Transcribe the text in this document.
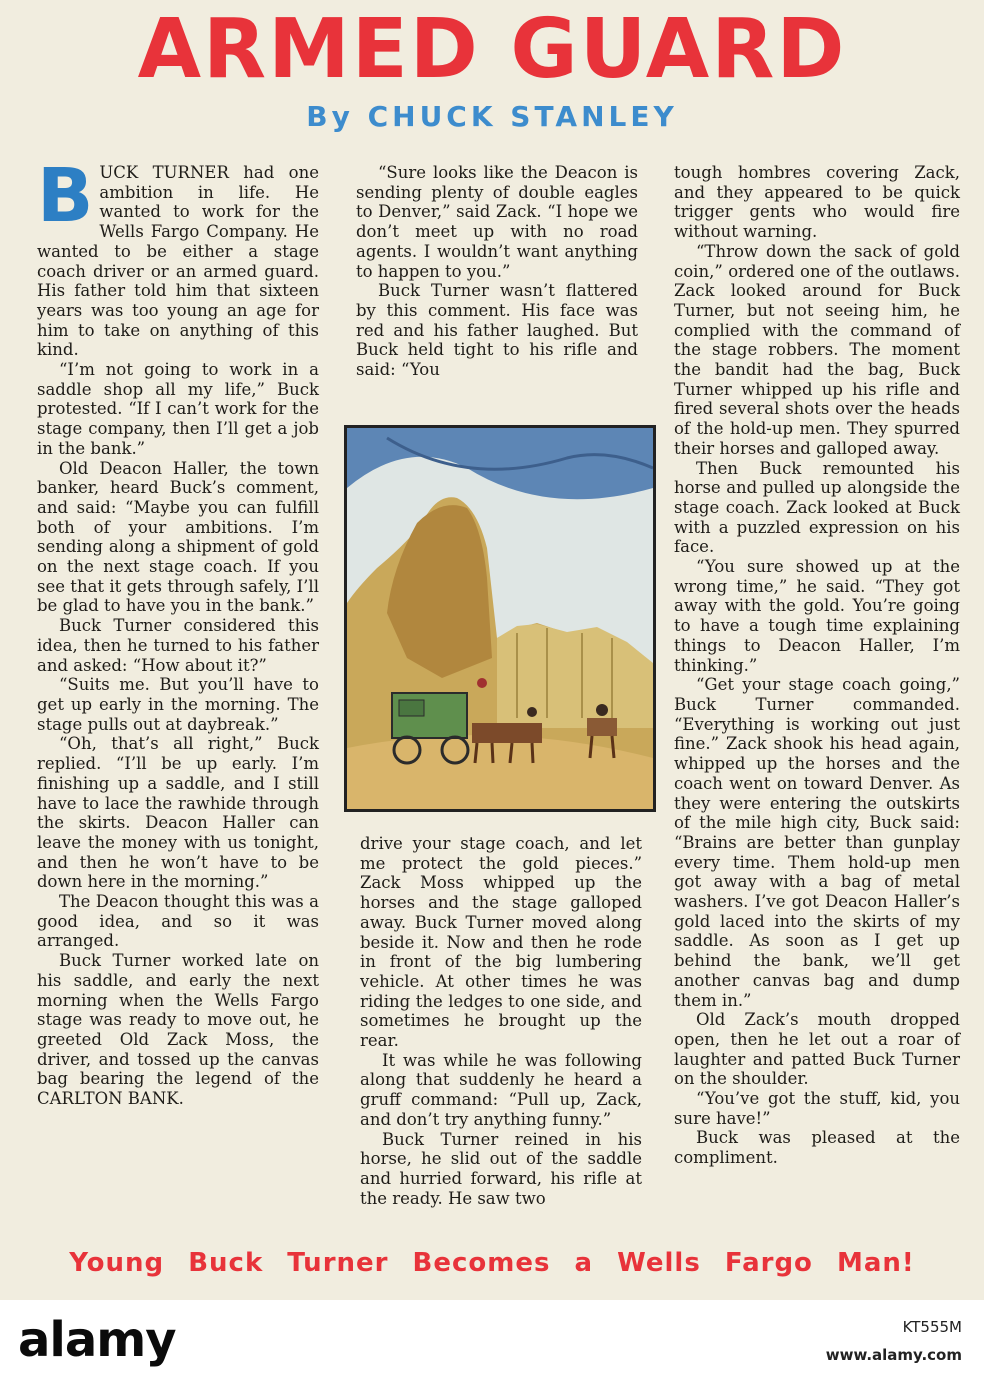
ARMED GUARD
By CHUCK STANLEY

BUCK TURNER had one ambition in life. He wanted to work for the Wells Fargo Company. He wanted to be either a stage coach driver or an armed guard. His father told him that sixteen years was too young an age for him to take on anything of this kind.

“I’m not going to work in a saddle shop all my life,” Buck protested. “If I can’t work for the stage company, then I’ll get a job in the bank.”

Old Deacon Haller, the town banker, heard Buck’s comment, and said: “Maybe you can fulfill both of your ambitions. I’m sending along a shipment of gold on the next stage coach. If you see that it gets through safely, I’ll be glad to have you in the bank.”

Buck Turner considered this idea, then he turned to his father and asked: “How about it?”

“Suits me. But you’ll have to get up early in the morning. The stage pulls out at daybreak.”

“Oh, that’s all right,” Buck replied. “I’ll be up early. I’m finishing up a saddle, and I still have to lace the rawhide through the skirts. Deacon Haller can leave the money with us tonight, and then he won’t have to be down here in the morning.”

The Deacon thought this was a good idea, and so it was arranged.

Buck Turner worked late on his saddle, and early the next morning when the Wells Fargo stage was ready to move out, he greeted Old Zack Moss, the driver, and tossed up the canvas bag bearing the legend of the CARLTON BANK.

“Sure looks like the Deacon is sending plenty of double eagles to Denver,” said Zack. “I hope we don’t meet up with no road agents. I wouldn’t want anything to happen to you.”

Buck Turner wasn’t flattered by this comment. His face was red and his father laughed. But Buck held tight to his rifle and said: “You

drive your stage coach, and let me protect the gold pieces.” Zack Moss whipped up the horses and the stage galloped away. Buck Turner moved along beside it. Now and then he rode in front of the big lumbering vehicle. At other times he was riding the ledges to one side, and sometimes he brought up the rear.

It was while he was following along that suddenly he heard a gruff command: “Pull up, Zack, and don’t try anything funny.”

Buck Turner reined in his horse, he slid out of the saddle and hurried forward, his rifle at the ready. He saw two

tough hombres covering Zack, and they appeared to be quick trigger gents who would fire without warning.

“Throw down the sack of gold coin,” ordered one of the outlaws. Zack looked around for Buck Turner, but not seeing him, he complied with the command of the stage robbers. The moment the bandit had the bag, Buck Turner whipped up his rifle and fired several shots over the heads of the hold-up men. They spurred their horses and galloped away.

Then Buck remounted his horse and pulled up alongside the stage coach. Zack looked at Buck with a puzzled expression on his face.

“You sure showed up at the wrong time,” he said. “They got away with the gold. You’re going to have a tough time explaining things to Deacon Haller, I’m thinking.”

“Get your stage coach going,” Buck Turner commanded. “Everything is working out just fine.” Zack shook his head again, whipped up the horses and the coach went on toward Denver. As they were entering the outskirts of the mile high city, Buck said: “Brains are better than gunplay every time. Them hold-up men got away with a bag of metal washers. I’ve got Deacon Haller’s gold laced into the skirts of my saddle. As soon as I get up behind the bank, we’ll get another canvas bag and dump them in.”

Old Zack’s mouth dropped open, then he let out a roar of laughter and patted Buck Turner on the shoulder.

“You’ve got the stuff, kid, you sure have!”

Buck was pleased at the compliment.

Young Buck Turner Becomes a Wells Fargo Man!
alamy	KT555M
www.alamy.com
